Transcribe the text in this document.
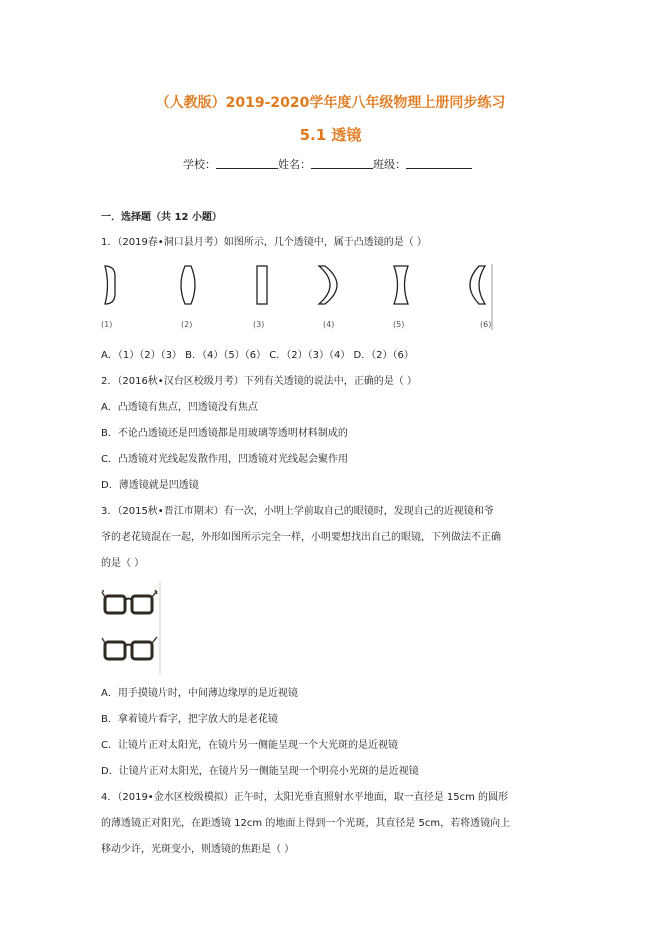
（人教版）2019-2020学年度八年级物理上册同步练习
5.1 透镜
学校：	姓名：	班级：
一．选择题（共 12 小题）
1．（2019春•洞口县月考）如图所示，几个透镜中，属于凸透镜的是（ ）
(1)	(2)	(3)	(4)	(5)	(6)
A．（1）（2）（3） B．（4）（5）（6） C．（2）（3）（4） D．（2）（6）
2．（2016秋•汉台区校级月考）下列有关透镜的说法中，正确的是（ ）
A．凸透镜有焦点，凹透镜没有焦点
B．不论凸透镜还是凹透镜都是用玻璃等透明材料制成的
C．凸透镜对光线起发散作用，凹透镜对光线起会聚作用
D．薄透镜就是凹透镜
3．（2015秋•晋江市期末）有一次，小明上学前取自己的眼镜时，发现自己的近视镜和爷
爷的老花镜混在一起，外形如图所示完全一样，小明要想找出自己的眼镜，下列做法不正确
的是（ ）
A．用手摸镜片时，中间薄边缘厚的是近视镜
B．拿着镜片看字，把字放大的是老花镜
C．让镜片正对太阳光，在镜片另一侧能呈现一个大光斑的是近视镜
D．让镜片正对太阳光，在镜片另一侧能呈现一个明亮小光斑的是近视镜
4．（2019•金水区校级模拟）正午时，太阳光垂直照射水平地面，取一直径是 15cm 的圆形
的薄透镜正对阳光，在距透镜 12cm 的地面上得到一个光斑，其直径是 5cm，若将透镜向上
移动少许，光斑变小，则透镜的焦距是（ ）
